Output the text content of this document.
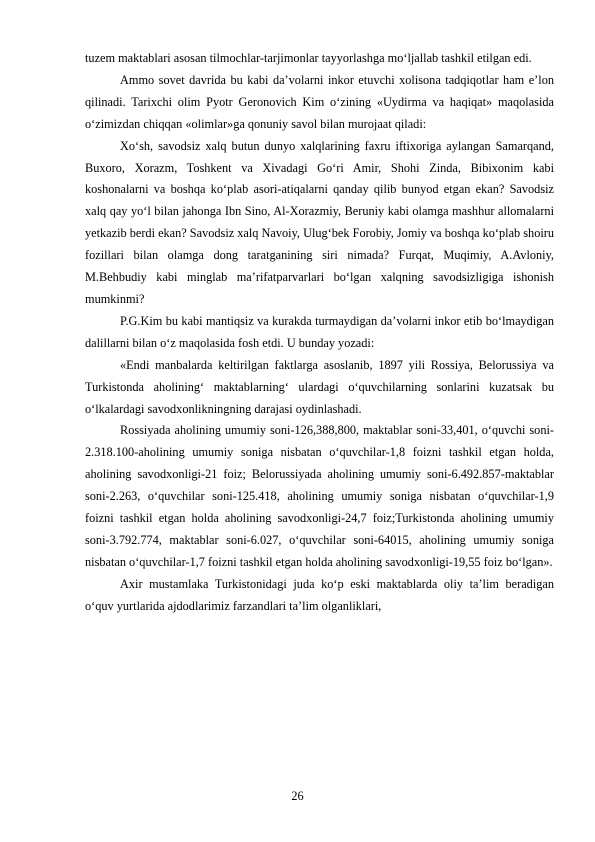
tuzem maktablari asosan tilmochlar-tarjimonlar tayyorlashga mo‘ljallab tashkil etilgan edi.

Ammo sovet davrida bu kabi da’volarni inkor etuvchi xolisona tadqiqotlar ham e’lon qilinadi. Tarixchi olim Pyotr Geronovich Kim o‘zining «Uydirma va haqiqat» maqolasida o‘zimizdan chiqqan «olimlar»ga qonuniy savol bilan murojaat qiladi:

Xo‘sh, savodsiz xalq butun dunyo xalqlarining faxru iftixoriga aylangan Samarqand, Buxoro, Xorazm, Toshkent va Xivadagi Go‘ri Amir, Shohi Zinda, Bibixonim kabi koshonalarni va boshqa ko‘plab asori-atiqalarni qanday qilib bunyod etgan ekan? Savodsiz xalq qay yo‘l bilan jahonga Ibn Sino, Al-Xorazmiy, Beruniy kabi olamga mashhur allomalarni yetkazib berdi ekan? Savodsiz xalq Navoiy, Ulug‘bek Forobiy, Jomiy va boshqa ko‘plab shoiru fozillari bilan olamga dong taratganining siri nimada? Furqat, Muqimiy, A.Avloniy, M.Behbudiy kabi minglab ma’rifatparvarlari bo‘lgan xalqning savodsizligiga ishonish mumkinmi?

P.G.Kim bu kabi mantiqsiz va kurakda turmaydigan da’volarni inkor etib bo‘lmaydigan dalillarni bilan o‘z maqolasida fosh etdi. U bunday yozadi:

«Endi manbalarda keltirilgan faktlarga asoslanib, 1897 yili Rossiya, Belorussiya va Turkistonda aholining‘ maktablarning‘ ulardagi o‘quvchilarning sonlarini kuzatsak bu o‘lkalardagi savodxonlikningning darajasi oydinlashadi.

Rossiyada aholining umumiy soni-126,388,800, maktablar soni-33,401, o‘quvchi soni-2.318.100-aholining umumiy soniga nisbatan o‘quvchilar-1,8 foizni tashkil etgan holda, aholining savodxonligi-21 foiz; Belorussiyada aholining umumiy soni-6.492.857-maktablar soni-2.263, o‘quvchilar soni-125.418, aholining umumiy soniga nisbatan o‘quvchilar-1,9 foizni tashkil etgan holda aholining savodxonligi-24,7 foiz;Turkistonda aholining umumiy soni-3.792.774, maktablar soni-6.027, o‘quvchilar soni-64015, aholining umumiy soniga nisbatan o‘quvchilar-1,7 foizni tashkil etgan holda aholining savodxonligi-19,55 foiz bo‘lgan».

Axir mustamlaka Turkistonidagi juda ko‘p eski maktablarda oliy ta’lim beradigan o‘quv yurtlarida ajdodlarimiz farzandlari ta’lim olganliklari,

26
